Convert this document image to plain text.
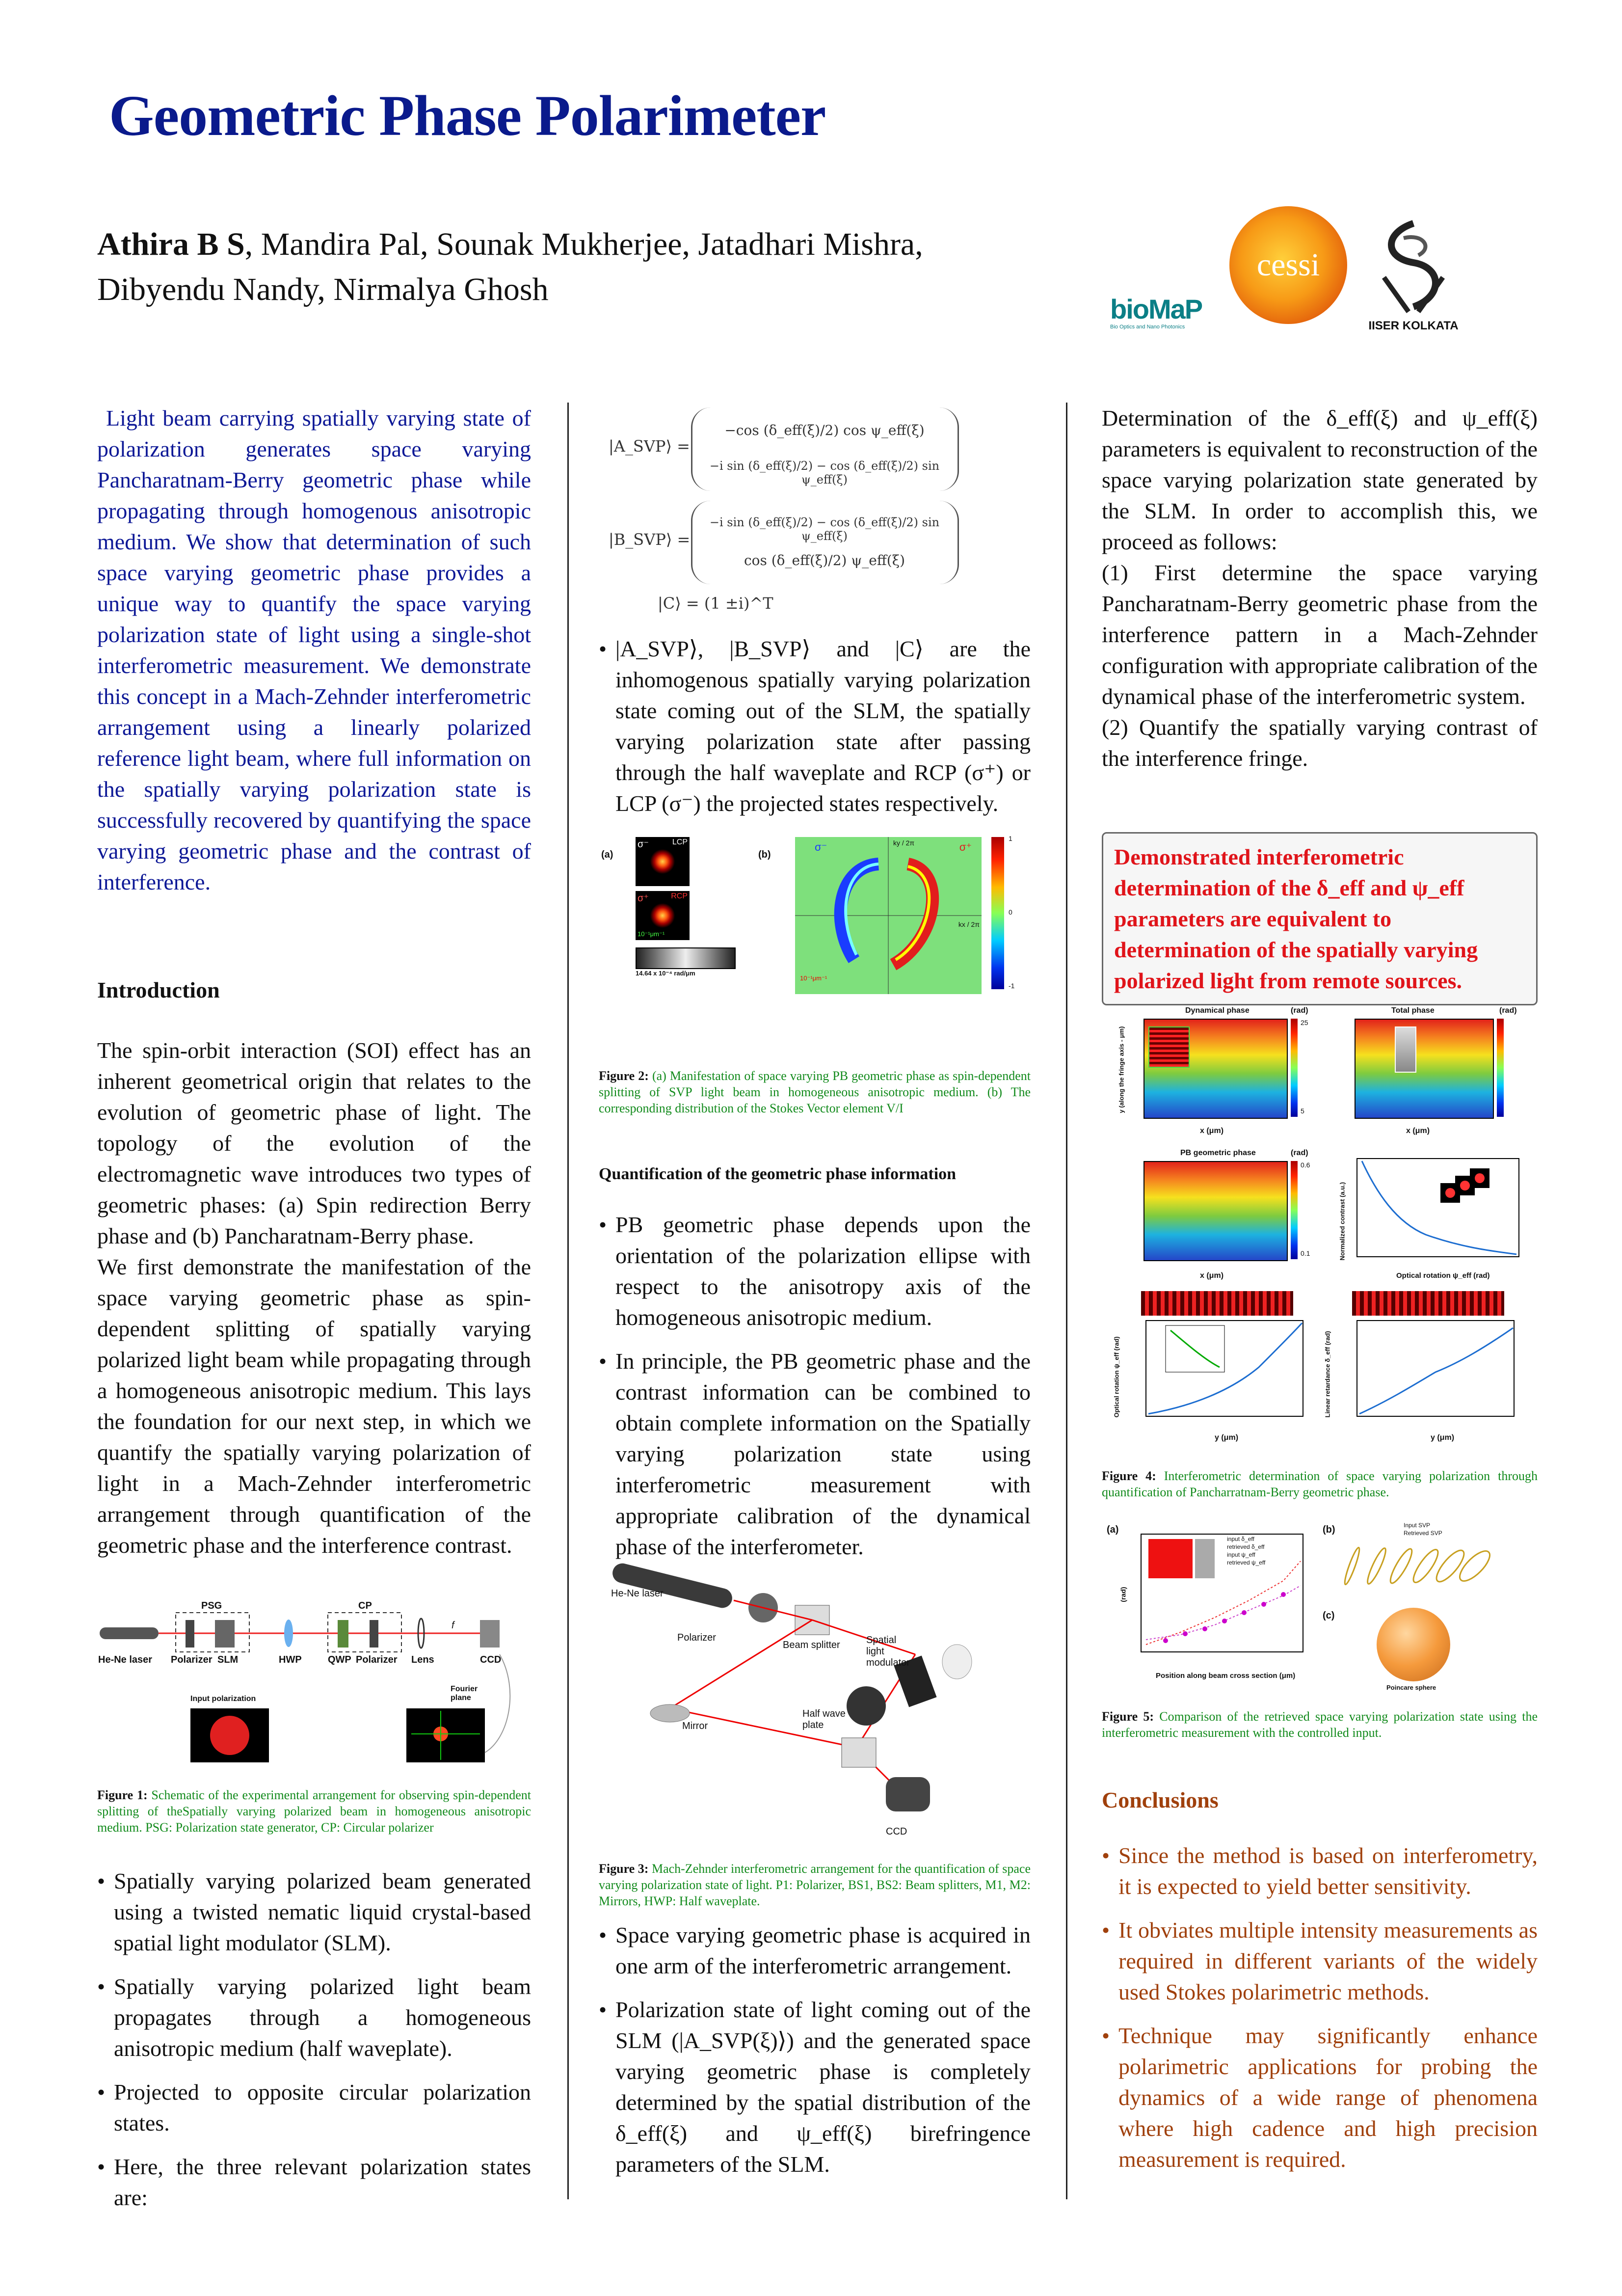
Geometric Phase Polarimeter
Athira B S, Mandira Pal, Sounak Mukherjee, Jatadhari Mishra,
Dibyendu Nandy, Nirmalya Ghosh
bioMaP
Bio Optics and Nano Photonics
cessi
IISER KOLKATA
Light beam carrying spatially varying state of polarization generates space varying Pancharatnam-Berry geometric phase while propagating through homogenous anisotropic medium. We show that determination of such space varying geometric phase provides a unique way to quantify the space varying polarization state of light using a single-shot interferometric measurement. We demonstrate this concept in a Mach-Zehnder interferometric arrangement using a linearly polarized reference light beam, where full information on the spatially varying polarization state is successfully recovered by quantifying the space varying geometric phase and the contrast of interference.

Introduction

The spin-orbit interaction (SOI) effect has an inherent geometrical origin that relates to the evolution of geometric phase of light. The topology of the evolution of the electromagnetic wave introduces two types of geometric phases: (a) Spin redirection Berry phase and (b) Pancharatnam-Berry phase.
We first demonstrate the manifestation of the space varying geometric phase as spin-dependent splitting of spatially varying polarized light beam while propagating through a homogeneous anisotropic medium. This lays the foundation for our next step, in which we quantify the spatially varying polarization of light in a Mach-Zehnder interferometric arrangement through quantification of the geometric phase and the interference contrast.
PSG	CP
f
He-Ne laser Polarizer SLM	HWP	QWP Polarizer Lens	CCD
Input polarization
Fourier plane
Figure 1: Schematic of the experimental arrangement for observing spin-dependent splitting of theSpatially varying polarized beam in homogeneous anisotropic medium. PSG: Polarization state generator, CP: Circular polarizer
• Spatially varying polarized beam generated using a twisted nematic liquid crystal-based spatial light modulator (SLM).
• Spatially varying polarized light beam propagates through a homogeneous anisotropic medium (half waveplate).
• Projected to opposite circular polarization states.
• Here, the three relevant polarization states are:
|A_SVP⟩ =
−cos (δ_eff(ξ)/2) cos ψ_eff(ξ)
−i sin (δ_eff(ξ)/2) − cos (δ_eff(ξ)/2) sin ψ_eff(ξ)
|B_SVP⟩ =
−i sin (δ_eff(ξ)/2) − cos (δ_eff(ξ)/2) sin ψ_eff(ξ)
cos (δ_eff(ξ)/2) ψ_eff(ξ)
|C⟩ = (1 ±i)^T
• |A_SVP⟩, |B_SVP⟩ and |C⟩ are the inhomogenous spatially varying polarization state coming out of the SLM, the spatially varying polarization state after passing through the half waveplate and RCP (σ⁺) or LCP (σ⁻) the projected states respectively.
(a)
LCP
σ⁻
RCP
σ⁺
10⁻¹μm⁻¹
14.64 x 10⁻⁴ rad/μm
(b)
σ⁻	σ⁺
ky / 2π
kx / 2π
10⁻¹μm⁻¹
1
0
-1
Figure 2: (a) Manifestation of space varying PB geometric phase as spin-dependent splitting of SVP light beam in homogeneous anisotropic medium. (b) The corresponding distribution of the Stokes Vector element V/I

Quantification of the geometric phase information

• PB geometric phase depends upon the orientation of the polarization ellipse with respect to the anisotropy axis of the homogeneous anisotropic medium.
• In principle, the PB geometric phase and the contrast information can be combined to obtain complete information on the Spatially varying polarization state using interferometric measurement with appropriate calibration of the dynamical phase of the interferometer.
He-Ne laser
Polarizer
Beam splitter	Spatial light modulator
Half wave plate
Mirror
CCD
Figure 3: Mach-Zehnder interferometric arrangement for the quantification of space varying polarization state of light. P1: Polarizer, BS1, BS2: Beam splitters, M1, M2: Mirrors, HWP: Half waveplate.
• Space varying geometric phase is acquired in one arm of the interferometric arrangement.
• Polarization state of light coming out of the SLM (|A_SVP(ξ)⟩) and the generated space varying geometric phase is completely determined by the spatial distribution of the δ_eff(ξ) and ψ_eff(ξ) birefringence parameters of the SLM.
Determination of the δ_eff(ξ) and ψ_eff(ξ) parameters is equivalent to reconstruction of the space varying polarization state generated by the SLM. In order to accomplish this, we proceed as follows:
(1) First determine the space varying Pancharatnam-Berry geometric phase from the interference pattern in a Mach-Zehnder configuration with appropriate calibration of the dynamical phase of the interferometric system.
(2) Quantify the spatially varying contrast of the interference fringe.
Demonstrated interferometric determination of the δ_eff and ψ_eff parameters are equivalent to determination of the spatially varying polarized light from remote sources.
Dynamical phase	(rad)
25
5
x (μm)
y (along the fringe axis - μm)
Total phase	(rad)
x (μm)
PB geometric phase	(rad)
0.6
0.1
x (μm)
Normalized contrast (a.u.)
Optical rotation ψ_eff (rad)
Optical rotation ψ_eff (rad)
y (μm)
Linear retardance δ_eff (rad)
y (μm)
Figure 4: Interferometric determination of space varying polarization through quantification of Pancharratnam-Berry geometric phase.
(a)
input δ_eff
retrieved δ_eff
input ψ_eff
retrieved ψ_eff
(rad)
Position along beam cross section (μm)
(b)	Input SVP
Retrieved SVP
(c)
Poincare sphere
Figure 5: Comparison of the retrieved space varying polarization state using the interferometric measurement with the controlled input.

Conclusions

• Since the method is based on interferometry, it is expected to yield better sensitivity.
• It obviates multiple intensity measurements as required in different variants of the widely used Stokes polarimetric methods.
• Technique may significantly enhance polarimetric applications for probing the dynamics of a wide range of phenomena where high cadence and high precision measurement is required.
